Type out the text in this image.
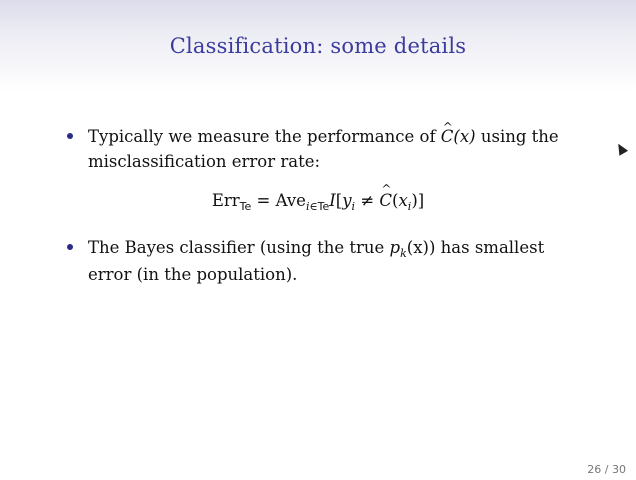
Classification: some details
Typically we measure the performance of ^ C(x) using the misclassification error rate:
$Err_{Te} = Ave_{i\in Te}I[y_i$ ≠ ^ $C(x_i)$]
The Bayes classifier (using the true $p_k(x)$) has smallest error (in the population).
26 / 30
